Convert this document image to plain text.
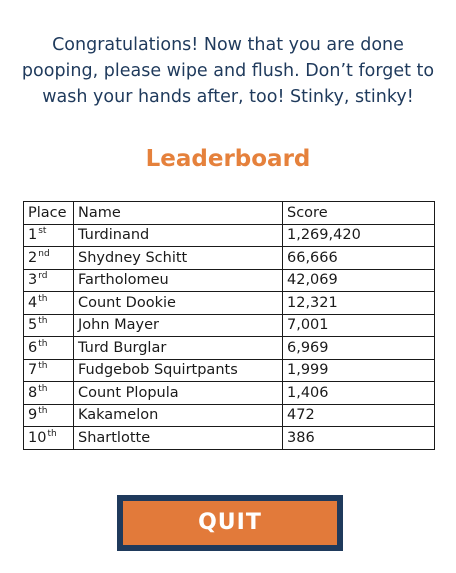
Congratulations! Now that you are done pooping, please wipe and flush. Don’t forget to wash your hands after, too! Stinky, stinky!

Leaderboard
Place	Name	Score
1st	Turdinand	1,269,420
2nd	Shydney Schitt	66,666
3rd	Fartholomeu	42,069
4th	Count Dookie	12,321
5th	John Mayer	7,001
6th	Turd Burglar	6,969
7th	Fudgebob Squirtpants	1,999
8th	Count Plopula	1,406
9th	Kakamelon	472
10th	Shartlotte	386
QUIT
